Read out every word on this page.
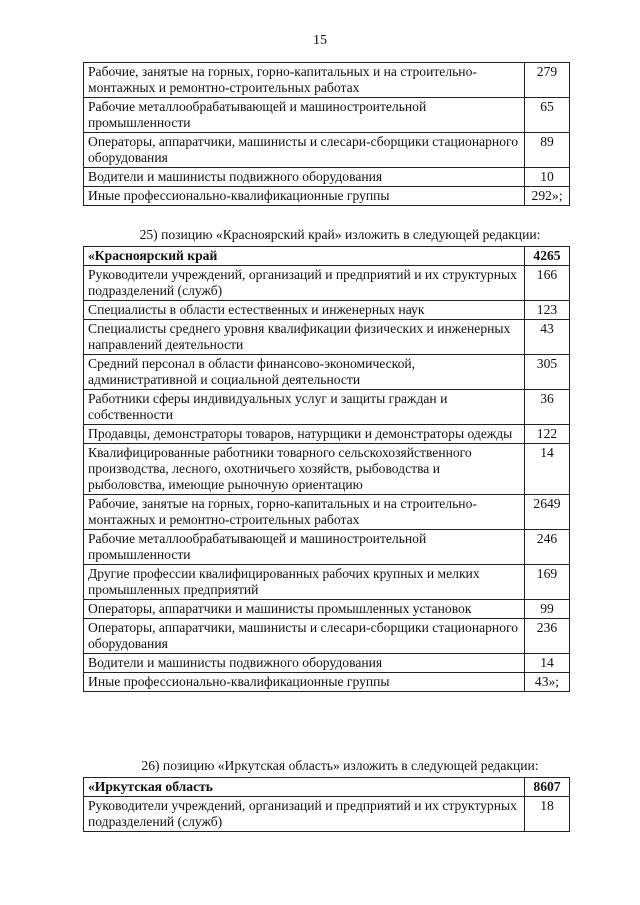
15
Рабочие, занятые на горных, горно-капитальных и на строительно-монтажных и ремонтно-строительных работах	279
Рабочие металлообрабатывающей и машиностроительной промышленности	65
Операторы, аппаратчики, машинисты и слесари-сборщики стационарного оборудования	89
Водители и машинисты подвижного оборудования	10
Иные профессионально-квалификационные группы	292»;
25) позицию «Красноярский край» изложить в следующей редакции:
«Красноярский край	4265
Руководители учреждений, организаций и предприятий и их структурных подразделений (служб)	166
Специалисты в области естественных и инженерных наук	123
Специалисты среднего уровня квалификации физических и инженерных направлений деятельности	43
Средний персонал в области финансово-экономической, административной и социальной деятельности	305
Работники сферы индивидуальных услуг и защиты граждан и собственности	36
Продавцы, демонстраторы товаров, натурщики и демонстраторы одежды	122
Квалифицированные работники товарного сельскохозяйственного производства, лесного, охотничьего хозяйств, рыбоводства и рыболовства, имеющие рыночную ориентацию	14
Рабочие, занятые на горных, горно-капитальных и на строительно-монтажных и ремонтно-строительных работах	2649
Рабочие металлообрабатывающей и машиностроительной промышленности	246
Другие профессии квалифицированных рабочих крупных и мелких промышленных предприятий	169
Операторы, аппаратчики и машинисты промышленных установок	99
Операторы, аппаратчики, машинисты и слесари-сборщики стационарного оборудования	236
Водители и машинисты подвижного оборудования	14
Иные профессионально-квалификационные группы	43»;
26) позицию «Иркутская область» изложить в следующей редакции:
«Иркутская область	8607
Руководители учреждений, организаций и предприятий и их структурных подразделений (служб)	18
